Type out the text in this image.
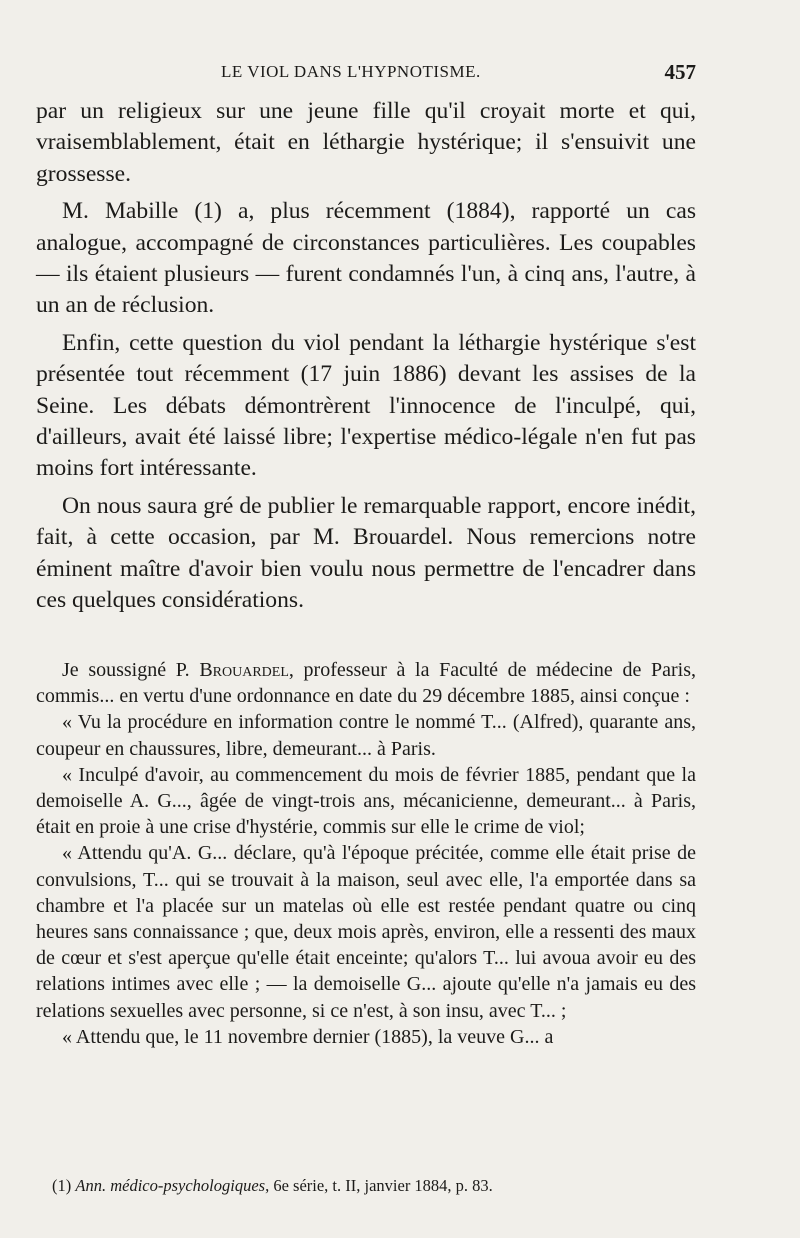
LE VIOL DANS L'HYPNOTISME.	457

par un religieux sur une jeune fille qu'il croyait morte et qui, vraisemblablement, était en léthargie hystérique; il s'ensuivit une grossesse.

M. Mabille (1) a, plus récemment (1884), rapporté un cas analogue, accompagné de circonstances particulières. Les coupables — ils étaient plusieurs — furent condamnés l'un, à cinq ans, l'autre, à un an de réclusion.

Enfin, cette question du viol pendant la léthargie hystérique s'est présentée tout récemment (17 juin 1886) devant les assises de la Seine. Les débats démontrèrent l'innocence de l'inculpé, qui, d'ailleurs, avait été laissé libre; l'expertise médico-légale n'en fut pas moins fort intéressante.

On nous saura gré de publier le remarquable rapport, encore inédit, fait, à cette occasion, par M. Brouardel. Nous remercions notre éminent maître d'avoir bien voulu nous permettre de l'encadrer dans ces quelques considérations.

Je soussigné P. Brouardel, professeur à la Faculté de médecine de Paris, commis... en vertu d'une ordonnance en date du 29 décembre 1885, ainsi conçue :

« Vu la procédure en information contre le nommé T... (Alfred), quarante ans, coupeur en chaussures, libre, demeurant... à Paris.

« Inculpé d'avoir, au commencement du mois de février 1885, pendant que la demoiselle A. G..., âgée de vingt-trois ans, mécanicienne, demeurant... à Paris, était en proie à une crise d'hystérie, commis sur elle le crime de viol;

« Attendu qu'A. G... déclare, qu'à l'époque précitée, comme elle était prise de convulsions, T... qui se trouvait à la maison, seul avec elle, l'a emportée dans sa chambre et l'a placée sur un matelas où elle est restée pendant quatre ou cinq heures sans connaissance ; que, deux mois après, environ, elle a ressenti des maux de cœur et s'est aperçue qu'elle était enceinte; qu'alors T... lui avoua avoir eu des relations intimes avec elle ; — la demoiselle G... ajoute qu'elle n'a jamais eu des relations sexuelles avec personne, si ce n'est, à son insu, avec T... ;

« Attendu que, le 11 novembre dernier (1885), la veuve G... a

(1) Ann. médico-psychologiques, 6e série, t. II, janvier 1884, p. 83.
